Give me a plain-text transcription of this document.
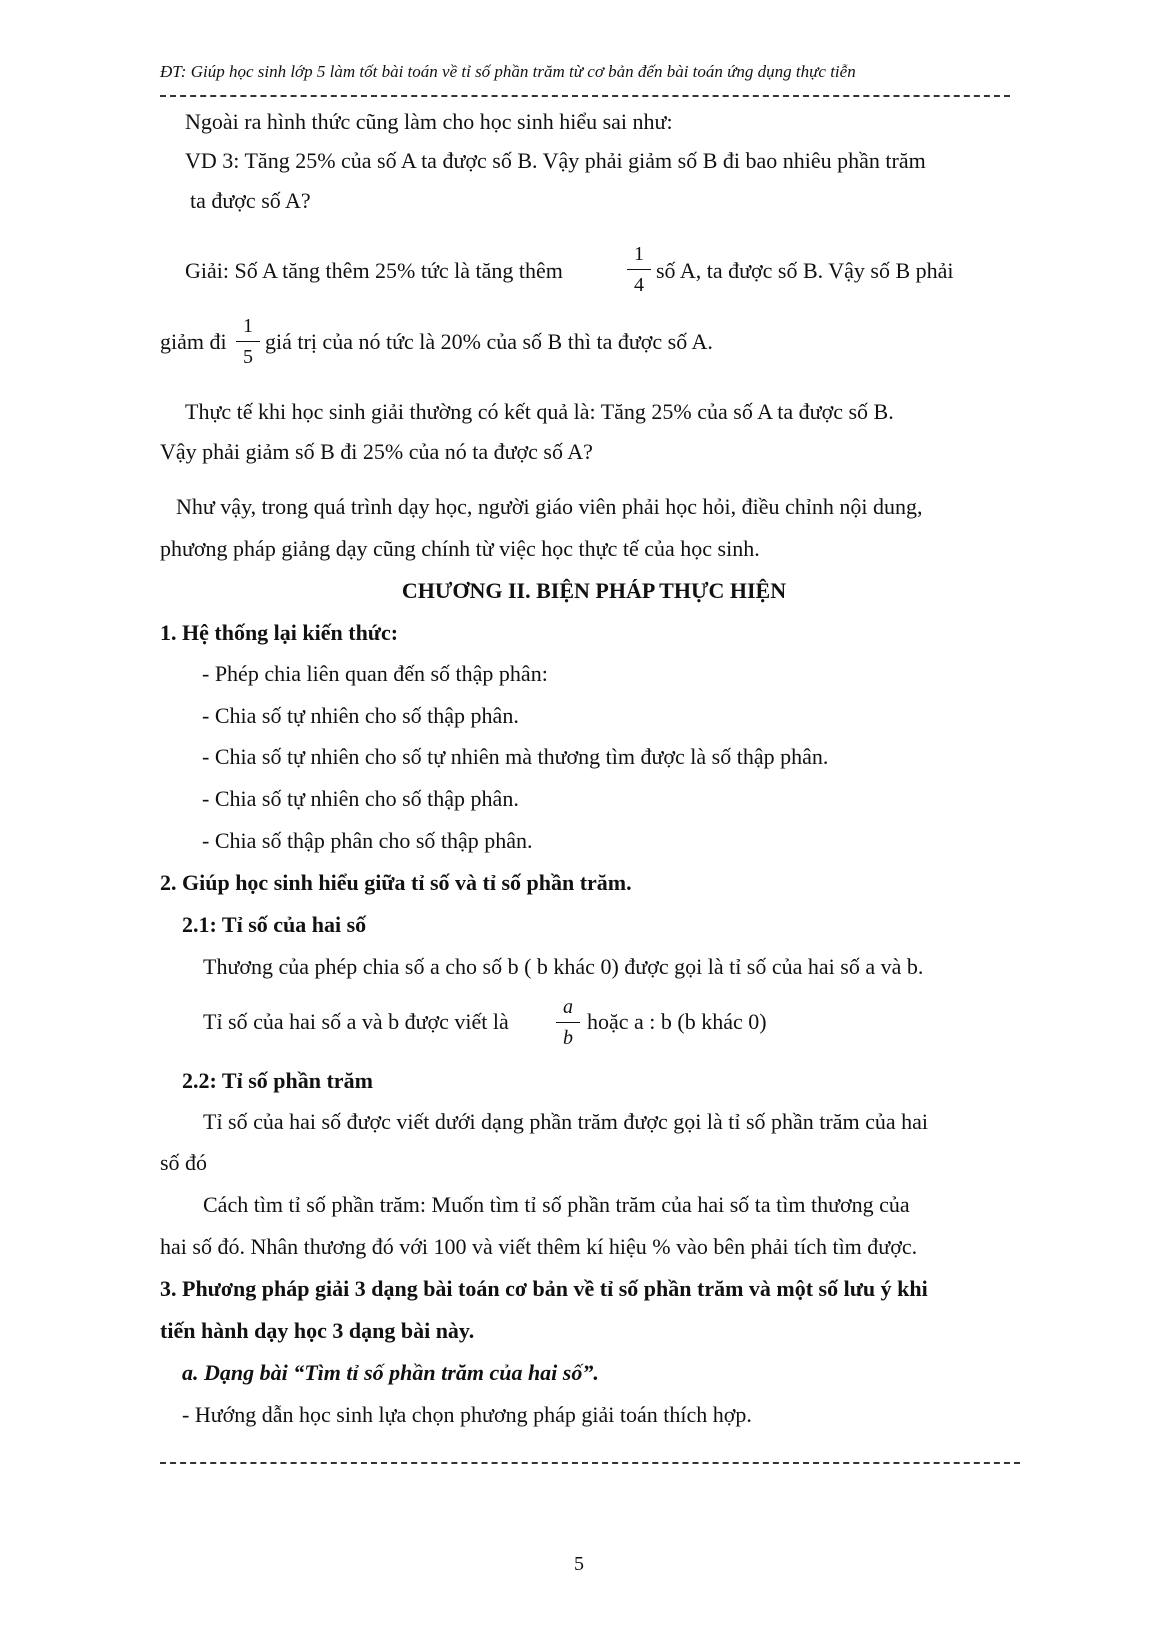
ĐT: Giúp học sinh lớp 5 làm tốt bài toán về tỉ số phần trăm từ cơ bản đến bài toán ứng dụng thực tiễn
Ngoài ra hình thức cũng làm cho học sinh hiểu sai như:
VD 3: Tăng 25% của số A ta được số B. Vậy phải giảm số B đi bao nhiêu phần trăm
ta được số A?
Giải: Số A tăng thêm 25% tức là tăng thêm
1
4
số A, ta được số B. Vậy số B phải
giảm đi
1
5
giá trị của nó tức là 20% của số B thì ta được số A.
Thực tế khi học sinh giải thường có kết quả là: Tăng 25% của số A ta được số B.
Vậy phải giảm số B đi 25% của nó ta được số A?
Như vậy, trong quá trình dạy học, người giáo viên phải học hỏi, điều chỉnh nội dung,
phương pháp giảng dạy cũng chính từ việc học thực tế của học sinh.
CHƯƠNG II. BIỆN PHÁP THỰC HIỆN
1. Hệ thống lại kiến thức:
- Phép chia liên quan đến số thập phân:
- Chia số tự nhiên cho số thập phân.
- Chia số tự nhiên cho số tự nhiên mà thương tìm được là số thập phân.
- Chia số tự nhiên cho số thập phân.
- Chia số thập phân cho số thập phân.
2. Giúp học sinh hiểu giữa tỉ số và tỉ số phần trăm.
2.1: Tỉ số của hai số
Thương của phép chia số a cho số b ( b khác 0) được gọi là tỉ số của hai số a và b.
Tỉ số của hai số a và b được viết là
a
b
hoặc a : b (b khác 0)
2.2: Tỉ số phần trăm
Tỉ số của hai số được viết dưới dạng phần trăm được gọi là tỉ số phần trăm của hai
số đó
Cách tìm tỉ số phần trăm: Muốn tìm tỉ số phần trăm của hai số ta tìm thương của
hai số đó. Nhân thương đó với 100 và viết thêm kí hiệu % vào bên phải tích tìm được.
3. Phương pháp giải 3 dạng bài toán cơ bản về tỉ số phần trăm và một số lưu ý khi
tiến hành dạy học 3 dạng bài này.
a. Dạng bài “Tìm tỉ số phần trăm của hai số”.
- Hướng dẫn học sinh lựa chọn phương pháp giải toán thích hợp.
5
